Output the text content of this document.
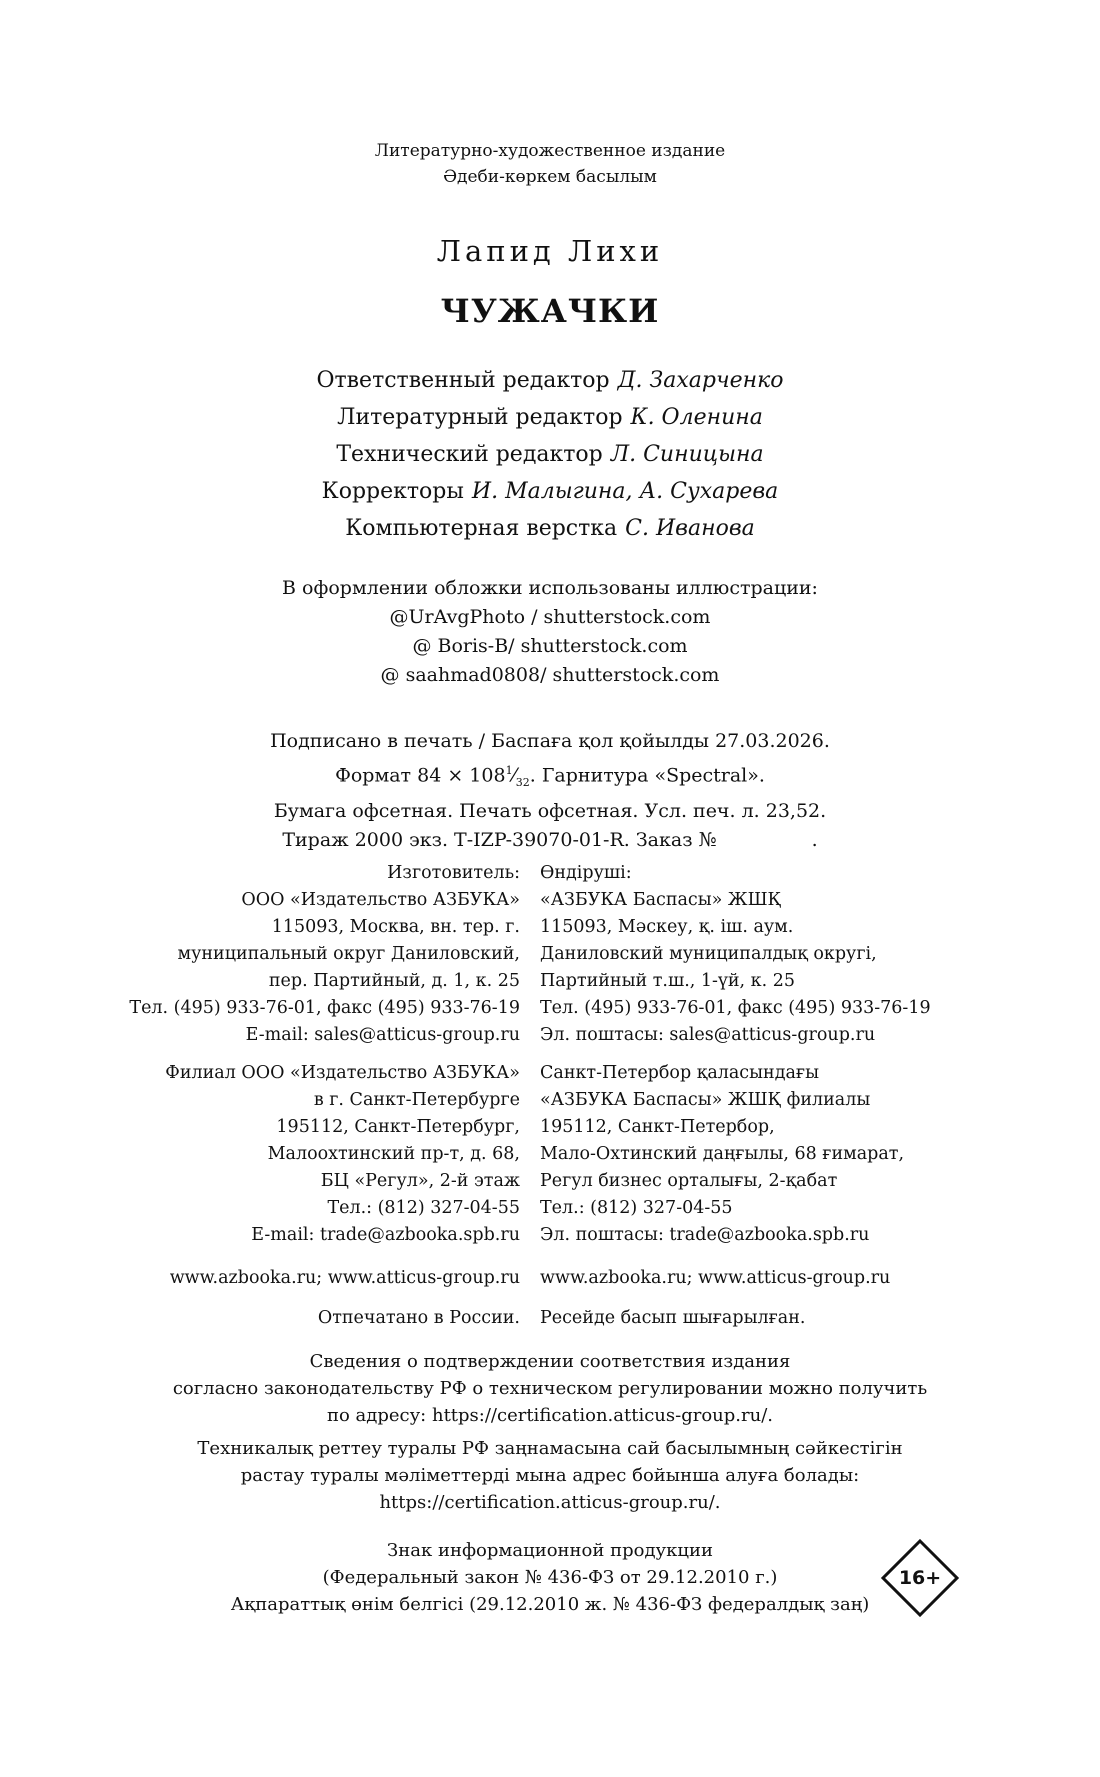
Литературно-художественное издание
Әдеби-көркем басылым
Лапид Лихи
ЧУЖАЧКИ
Ответственный редактор Д. Захарченко
Литературный редактор К. Оленина
Технический редактор Л. Синицына
Корректоры И. Малыгина, А. Сухарева
Компьютерная верстка С. Иванова
В оформлении обложки использованы иллюстрации:
@UrAvgPhoto / shutterstock.com
@ Boris-B/ shutterstock.com
@ saahmad0808/ shutterstock.com
Подписано в печать / Баспаға қол қойылды 27.03.2026.
Формат $84 \times 108^1⁄_{32}$. Гарнитура «Spectral».
Бумага офсетная. Печать офсетная. Усл. печ. л. 23,52.
Тираж 2000 экз. Т-IZP-39070-01-R. Заказ №	.
Изготовитель:
ООО «Издательство АЗБУКА»
115093, Москва, вн. тер. г.
муниципальный округ Даниловский,
пер. Партийный, д. 1, к. 25
Тел. (495) 933-76-01, факс (495) 933-76-19
E-mail: sales@atticus-group.ru
Өндіруші:
«АЗБУКА Баспасы» ЖШҚ
115093, Мәскеу, қ. іш. аум.
Даниловский муниципалдық округі,
Партийный т.ш., 1-үй, к. 25
Тел. (495) 933-76-01, факс (495) 933-76-19
Эл. поштасы: sales@atticus-group.ru
Филиал ООО «Издательство АЗБУКА»
в г. Санкт-Петербурге
195112, Санкт-Петербург,
Малоохтинский пр-т, д. 68,
БЦ «Регул», 2-й этаж
Тел.: (812) 327-04-55
E-mail: trade@azbooka.spb.ru
Санкт-Петербор қаласындағы
«АЗБУКА Баспасы» ЖШҚ филиалы
195112, Санкт-Петербор,
Мало-Охтинский даңғылы, 68 ғимарат,
Регул бизнес орталығы, 2-қабат
Тел.: (812) 327-04-55
Эл. поштасы: trade@azbooka.spb.ru
www.azbooka.ru; www.atticus-group.ru www.azbooka.ru; www.atticus-group.ru
Отпечатано в России. Ресейде басып шығарылған.
Сведения о подтверждении соответствия издания
согласно законодательству РФ о техническом регулировании можно получить
по адресу: https://certification.atticus-group.ru/.
Техникалық реттеу туралы РФ заңнамасына сай басылымның сәйкестігін
растау туралы мәліметтерді мына адрес бойынша алуға болады:
https://certification.atticus-group.ru/.
Знак информационной продукции
(Федеральный закон № 436-ФЗ от 29.12.2010 г.)
Ақпараттық өнім белгісі (29.12.2010 ж. № 436-ФЗ федералдық заң)
16+
